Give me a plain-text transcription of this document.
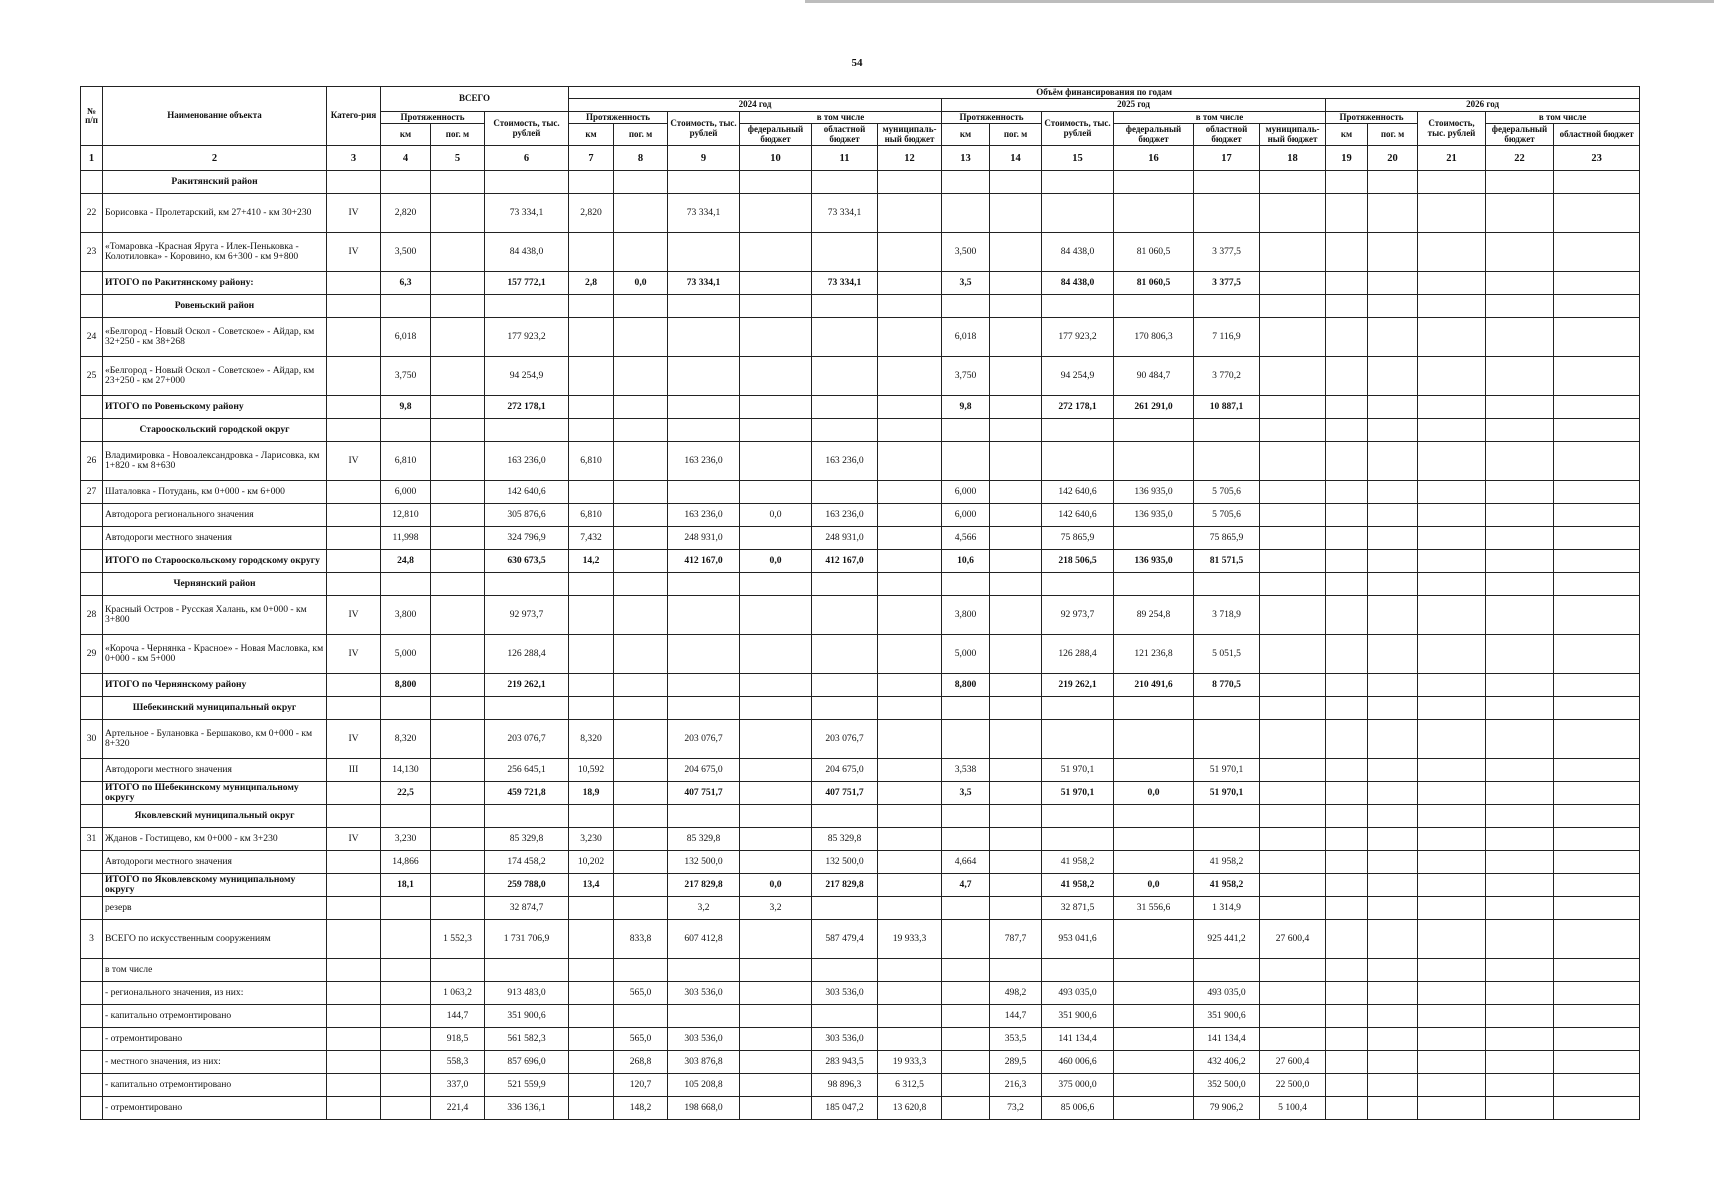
54
№ п/п	Наименование объекта	Катего-рия	ВСЕГО			Объём финансирования по годам																
						2024 год						2025 год						2026 год				
			Протяженность		Стоимость, тыс. рублей	Протяженность		Стоимость, тыс. рублей	в том числе			Протяженность		Стоимость, тыс. рублей	в том числе			Протяженность		Стоимость, тыс. рублей	в том числе	
			км	пог. м		км	пог. м		федеральный бюджет	областной бюджет	муниципаль-ный бюджет	км	пог. м		федеральный бюджет	областной бюджет	муниципаль-ный бюджет	км	пог. м		федеральный бюджет	областной бюджет
1	2	3	4	5	6	7	8	9	10	11	12	13	14	15	16	17	18	19	20	21	22	23
	Ракитянский район																					
22	Борисовка - Пролетарский, км 27+410 - км 30+230	IV	2,820		73 334,1	2,820		73 334,1		73 334,1												
23	«Томаровка -Красная Яруга - Илек-Пеньковка - Колотиловка» - Коровино, км 6+300 - км 9+800	IV	3,500		84 438,0							3,500		84 438,0	81 060,5	3 377,5						
	ИТОГО по Ракитянскому району:		6,3		157 772,1	2,8	0,0	73 334,1		73 334,1		3,5		84 438,0	81 060,5	3 377,5						
	Ровеньский район																					
24	«Белгород - Новый Оскол - Советское» - Айдар, км 32+250 - км 38+268		6,018		177 923,2							6,018		177 923,2	170 806,3	7 116,9						
25	«Белгород - Новый Оскол - Советское» - Айдар, км 23+250 - км 27+000		3,750		94 254,9							3,750		94 254,9	90 484,7	3 770,2						
	ИТОГО по Ровеньскому району		9,8		272 178,1							9,8		272 178,1	261 291,0	10 887,1						
	Старооскольский городской округ																					
26	Владимировка - Новоалександровка - Ларисовка, км 1+820 - км 8+630	IV	6,810		163 236,0	6,810		163 236,0		163 236,0												
27	Шаталовка - Потудань, км 0+000 - км 6+000		6,000		142 640,6							6,000		142 640,6	136 935,0	5 705,6						
	Автодорога регионального значения		12,810		305 876,6	6,810		163 236,0	0,0	163 236,0		6,000		142 640,6	136 935,0	5 705,6						
	Автодороги местного значения		11,998		324 796,9	7,432		248 931,0		248 931,0		4,566		75 865,9		75 865,9						
	ИТОГО по Старооскольскому городскому округу		24,8		630 673,5	14,2		412 167,0	0,0	412 167,0		10,6		218 506,5	136 935,0	81 571,5						
	Чернянский район																					
28	Красный Остров - Русская Халань, км 0+000 - км 3+800	IV	3,800		92 973,7							3,800		92 973,7	89 254,8	3 718,9						
29	«Короча - Чернянка - Красное» - Новая Масловка, км 0+000 - км 5+000	IV	5,000		126 288,4							5,000		126 288,4	121 236,8	5 051,5						
	ИТОГО по Чернянскому району		8,800		219 262,1							8,800		219 262,1	210 491,6	8 770,5						
	Шебекинский муниципальный округ																					
30	Артельное - Булановка - Бершаково, км 0+000 - км 8+320	IV	8,320		203 076,7	8,320		203 076,7		203 076,7												
	Автодороги местного значения	III	14,130		256 645,1	10,592		204 675,0		204 675,0		3,538		51 970,1		51 970,1						
	ИТОГО по Шебекинскому муниципальному округу		22,5		459 721,8	18,9		407 751,7		407 751,7		3,5		51 970,1	0,0	51 970,1						
	Яковлевский муниципальный округ																					
31	Жданов - Гостищево, км 0+000 - км 3+230	IV	3,230		85 329,8	3,230		85 329,8		85 329,8												
	Автодороги местного значения		14,866		174 458,2	10,202		132 500,0		132 500,0		4,664		41 958,2		41 958,2						
	ИТОГО по Яковлевскому муниципальному округу		18,1		259 788,0	13,4		217 829,8	0,0	217 829,8		4,7		41 958,2	0,0	41 958,2						
	резерв				32 874,7			3,2	3,2					32 871,5	31 556,6	1 314,9						
3	ВСЕГО по искусственным сооружениям			1 552,3	1 731 706,9		833,8	607 412,8		587 479,4	19 933,3		787,7	953 041,6		925 441,2	27 600,4					
	в том числе																					
	- регионального значения, из них:			1 063,2	913 483,0		565,0	303 536,0		303 536,0			498,2	493 035,0		493 035,0						
	- капитально отремонтировано			144,7	351 900,6								144,7	351 900,6		351 900,6						
	- отремонтировано			918,5	561 582,3		565,0	303 536,0		303 536,0			353,5	141 134,4		141 134,4						
	- местного значения, из них:			558,3	857 696,0		268,8	303 876,8		283 943,5	19 933,3		289,5	460 006,6		432 406,2	27 600,4					
	- капитально отремонтировано			337,0	521 559,9		120,7	105 208,8		98 896,3	6 312,5		216,3	375 000,0		352 500,0	22 500,0					
	- отремонтировано			221,4	336 136,1		148,2	198 668,0		185 047,2	13 620,8		73,2	85 006,6		79 906,2	5 100,4					
